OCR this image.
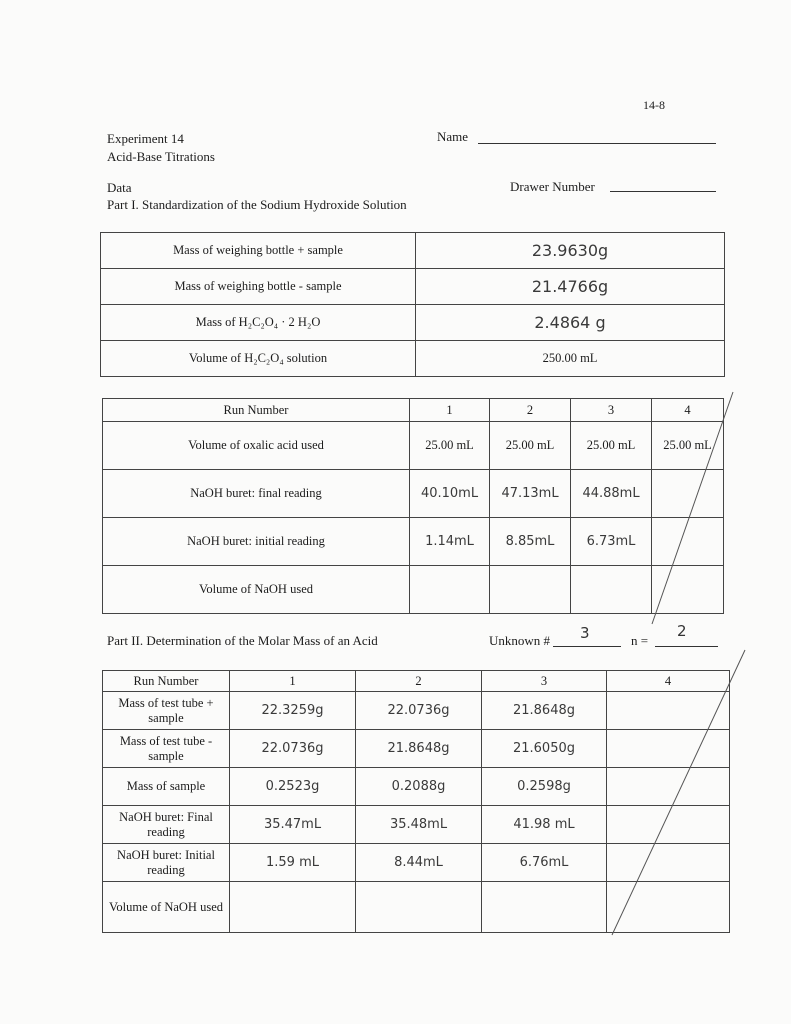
14-8
Experiment 14
Acid-Base Titrations
Name
Data	Drawer Number
Part I. Standardization of the Sodium Hydroxide Solution
Mass of weighing bottle + sample	23.9630g
Mass of weighing bottle - sample	21.4766g
Mass of H₂C₂O₄ · 2 H₂O	2.4864 g
Volume of H₂C₂O₄ solution	250.00 mL
Run Number	1	2	3	4
Volume of oxalic acid used	25.00 mL	25.00 mL	25.00 mL	25.00 mL
NaOH buret: final reading	40.10mL	47.13mL	44.88mL	
NaOH buret: initial reading	1.14mL	8.85mL	6.73mL	
Volume of NaOH used				
Part II. Determination of the Molar Mass of an Acid	Unknown # 3	n =
2
Run Number	1	2	3	4
Mass of test tube + sample	22.3259g	22.0736g	21.8648g	
Mass of test tube - sample	22.0736g	21.8648g	21.6050g	
Mass of sample	0.2523g	0.2088g	0.2598g	
NaOH buret: Final reading	35.47mL	35.48mL	41.98 mL	
NaOH buret: Initial reading	1.59 mL	8.44mL	6.76mL	
Volume of NaOH used				
